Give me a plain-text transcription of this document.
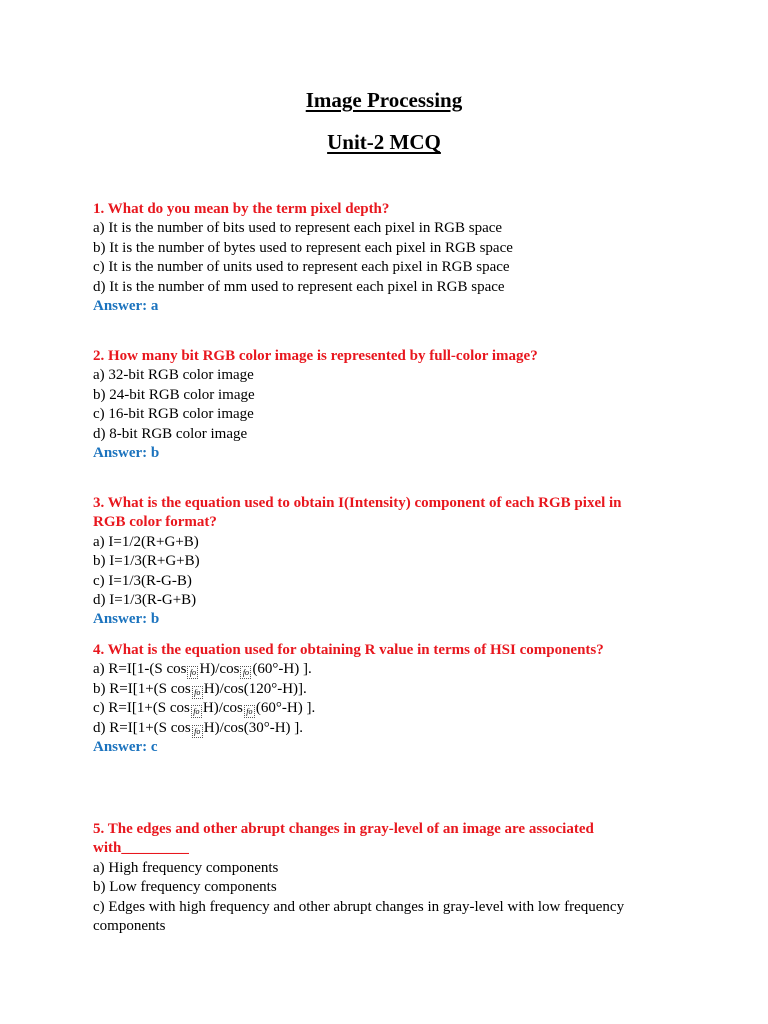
Image Processing
Unit-2 MCQ
1. What do you mean by the term pixel depth?
a) It is the number of bits used to represent each pixel in RGB space
b) It is the number of bytes used to represent each pixel in RGB space
c) It is the number of units used to represent each pixel in RGB space
d) It is the number of mm used to represent each pixel in RGB space
Answer: a
2. How many bit RGB color image is represented by full-color image?
a) 32-bit RGB color image
b) 24-bit RGB color image
c) 16-bit RGB color image
d) 8-bit RGB color image
Answer: b
3. What is the equation used to obtain I(Intensity) component of each RGB pixel in
RGB color format?
a) I=1/2(R+G+B)
b) I=1/3(R+G+B)
c) I=1/3(R-G-B)
d) I=1/3(R-G+B)
Answer: b
4. What is the equation used for obtaining R value in terms of HSI components?
a) R=I[1-(S cos fo H)/cos fo (60°-H) ].
b) R=I[1+(S cos fo H)/cos(120°-H)].
c) R=I[1+(S cos fo H)/cos fo (60°-H) ].
d) R=I[1+(S cos fo H)/cos(30°-H) ].
Answer: c
5. The edges and other abrupt changes in gray-level of an image are associated
with_________
a) High frequency components
b) Low frequency components
c) Edges with high frequency and other abrupt changes in gray-level with low frequency
components
